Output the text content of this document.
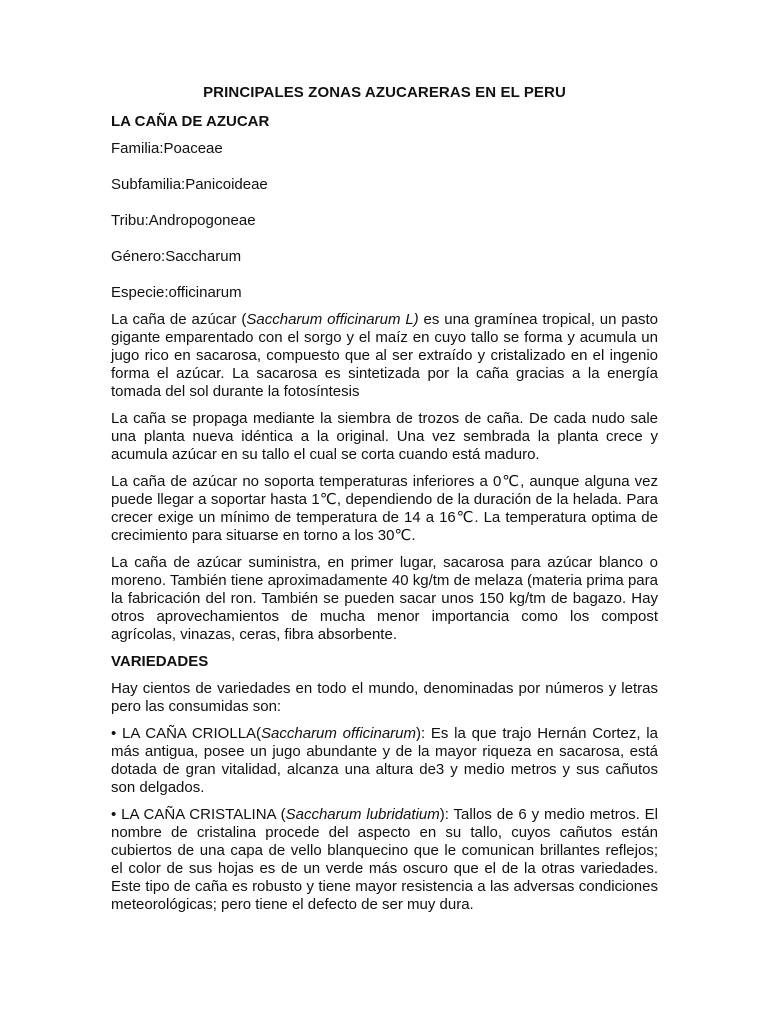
PRINCIPALES ZONAS AZUCARERAS EN EL PERU
LA CAÑA DE AZUCAR
Familia:Poaceae
Subfamilia:Panicoideae
Tribu:Andropogoneae
Género:Saccharum
Especie:officinarum

La caña de azúcar (Saccharum officinarum L) es una gramínea tropical, un pasto gigante emparentado con el sorgo y el maíz en cuyo tallo se forma y acumula un jugo rico en sacarosa, compuesto que al ser extraído y cristalizado en el ingenio forma el azúcar. La sacarosa es sintetizada por la caña gracias a la energía tomada del sol durante la fotosíntesis

La caña se propaga mediante la siembra de trozos de caña. De cada nudo sale una planta nueva idéntica a la original. Una vez sembrada la planta crece y acumula azúcar en su tallo el cual se corta cuando está maduro.

La caña de azúcar no soporta temperaturas inferiores a 0℃, aunque alguna vez puede llegar a soportar hasta 1℃, dependiendo de la duración de la helada. Para crecer exige un mínimo de temperatura de 14 a 16℃. La temperatura optima de crecimiento para situarse en torno a los 30℃.

La caña de azúcar suministra, en primer lugar, sacarosa para azúcar blanco o moreno. También tiene aproximadamente 40 kg/tm de melaza (materia prima para la fabricación del ron. También se pueden sacar unos 150 kg/tm de bagazo. Hay otros aprovechamientos de mucha menor importancia como los compost agrícolas, vinazas, ceras, fibra absorbente.

VARIEDADES

Hay cientos de variedades en todo el mundo, denominadas por números y letras pero las consumidas son:

• LA CAÑA CRIOLLA(Saccharum officinarum): Es la que trajo Hernán Cortez, la más antigua, posee un jugo abundante y de la mayor riqueza en sacarosa, está dotada de gran vitalidad, alcanza una altura de3 y medio metros y sus cañutos son delgados.

• LA CAÑA CRISTALINA (Saccharum lubridatium): Tallos de 6 y medio metros. El nombre de cristalina procede del aspecto en su tallo, cuyos cañutos están cubiertos de una capa de vello blanquecino que le comunican brillantes reflejos; el color de sus hojas es de un verde más oscuro que el de la otras variedades. Este tipo de caña es robusto y tiene mayor resistencia a las adversas condiciones meteorológicas; pero tiene el defecto de ser muy dura.
